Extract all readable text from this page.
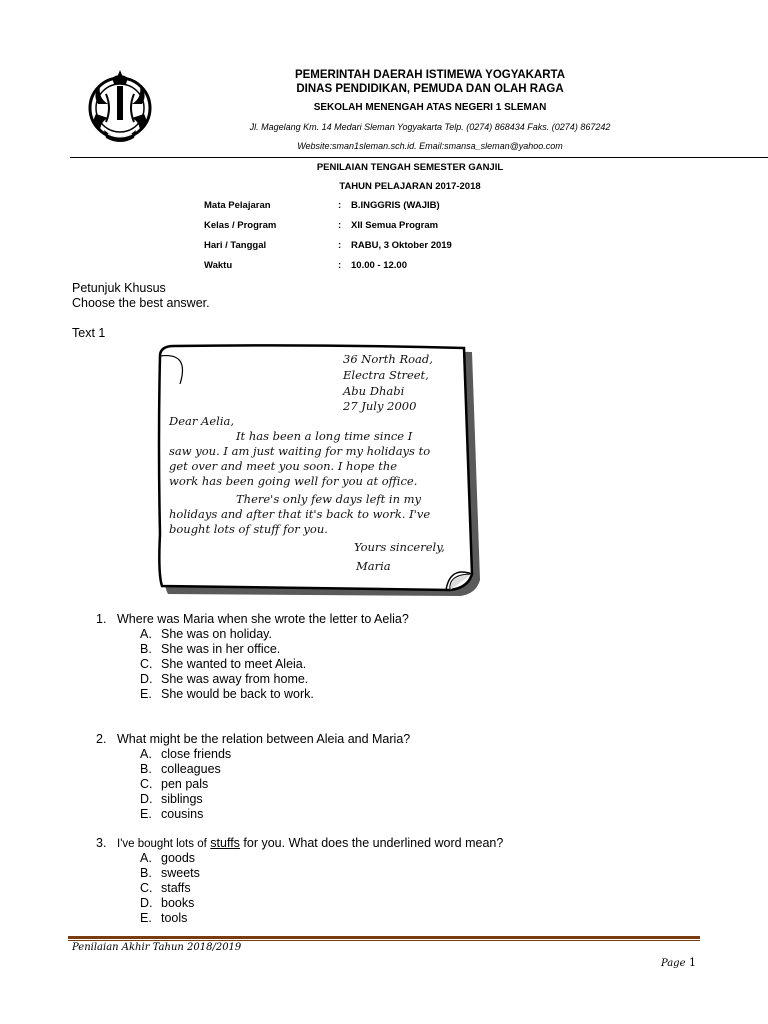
PEMERINTAH DAERAH ISTIMEWA YOGYAKARTA
DINAS PENDIDIKAN, PEMUDA DAN OLAH RAGA
SEKOLAH MENENGAH ATAS NEGERI 1 SLEMAN
Jl. Magelang Km. 14 Medari Sleman Yogyakarta Telp. (0274) 868434 Faks. (0274) 867242
Website:sman1sleman.sch.id. Email:smansa_sleman@yahoo.com
PENILAIAN TENGAH SEMESTER GANJIL
TAHUN PELAJARAN 2017-2018
Mata Pelajaran	: B.INGGRIS (WAJIB)
Kelas / Program	: XII Semua Program
Hari / Tanggal	: RABU, 3 Oktober 2019
Waktu	: 10.00 - 12.00
Petunjuk Khusus
Choose the best answer.
Text 1
36 North Road,
Electra Street,
Abu Dhabi
27 July 2000
Dear Aelia,
It has been a long time since I
saw you. I am just waiting for my holidays to
get over and meet you soon. I hope the
work has been going well for you at office.
There's only few days left in my
holidays and after that it's back to work. I've
bought lots of stuff for you.
Yours sincerely,
Maria
1. Where was Maria when she wrote the letter to Aelia?
A. She was on holiday.
B. She was in her office.
C. She wanted to meet Aleia.
D. She was away from home.
E. She would be back to work.
2. What might be the relation between Aleia and Maria?
A. close friends
B. colleagues
C. pen pals
D. siblings
E. cousins
3. I've bought lots of stuffs for you. What does the underlined word mean?
A. goods
B. sweets
C. staffs
D. books
E. tools
Penilaian Akhir Tahun 2018/2019
Page 1
